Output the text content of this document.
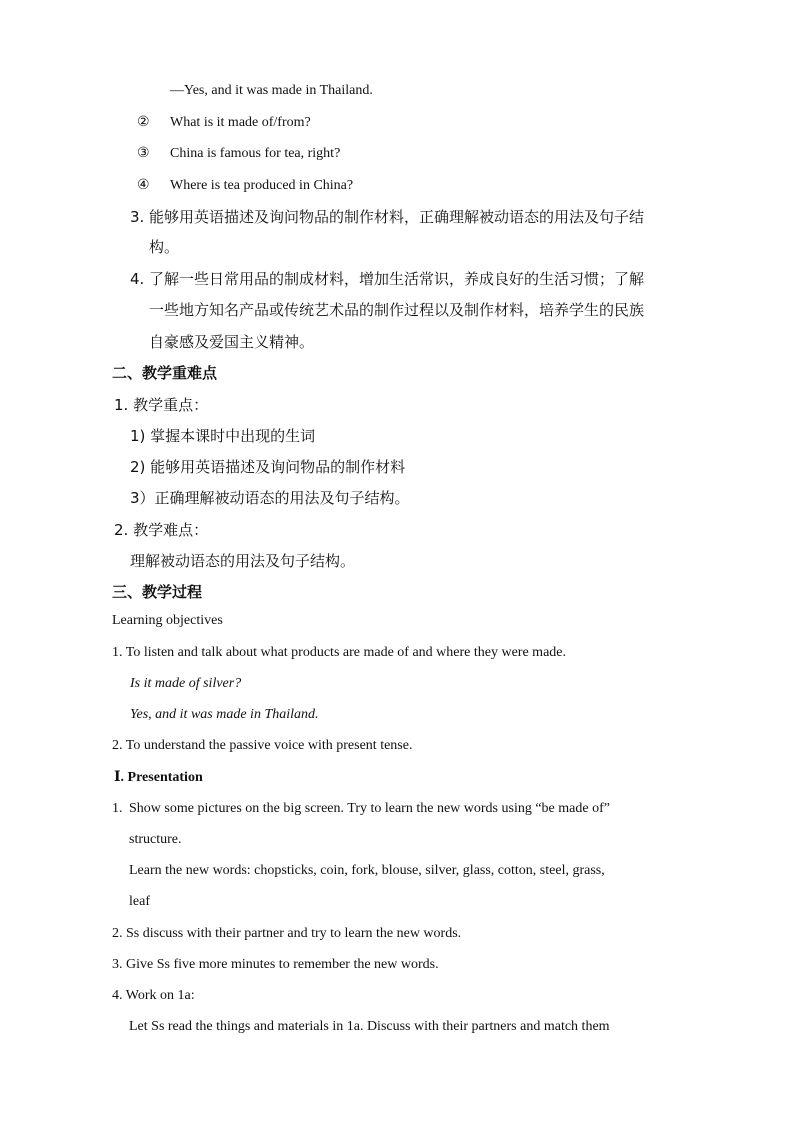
—Yes, and it was made in Thailand.
② What is it made of/from?
③ China is famous for tea, right?
④ Where is tea produced in China?
3. 能够用英语描述及询问物品的制作材料，正确理解被动语态的用法及句子结
构。
4. 了解一些日常用品的制成材料，增加生活常识，养成良好的生活习惯；了解
一些地方知名产品或传统艺术品的制作过程以及制作材料，培养学生的民族
自豪感及爱国主义精神。
二、教学重难点
1. 教学重点：
1) 掌握本课时中出现的生词
2) 能够用英语描述及询问物品的制作材料
3）正确理解被动语态的用法及句子结构。
2. 教学难点：
理解被动语态的用法及句子结构。
三、教学过程
Learning objectives
1. To listen and talk about what products are made of and where they were made.
Is it made of silver?
Yes, and it was made in Thailand.
2. To understand the passive voice with present tense.
Ⅰ. Presentation
1. Show some pictures on the big screen. Try to learn the new words using “be made of”
structure.
Learn the new words: chopsticks, coin, fork, blouse, silver, glass, cotton, steel, grass,
leaf
2. Ss discuss with their partner and try to learn the new words.
3. Give Ss five more minutes to remember the new words.
4. Work on 1a:
Let Ss read the things and materials in 1a. Discuss with their partners and match them
